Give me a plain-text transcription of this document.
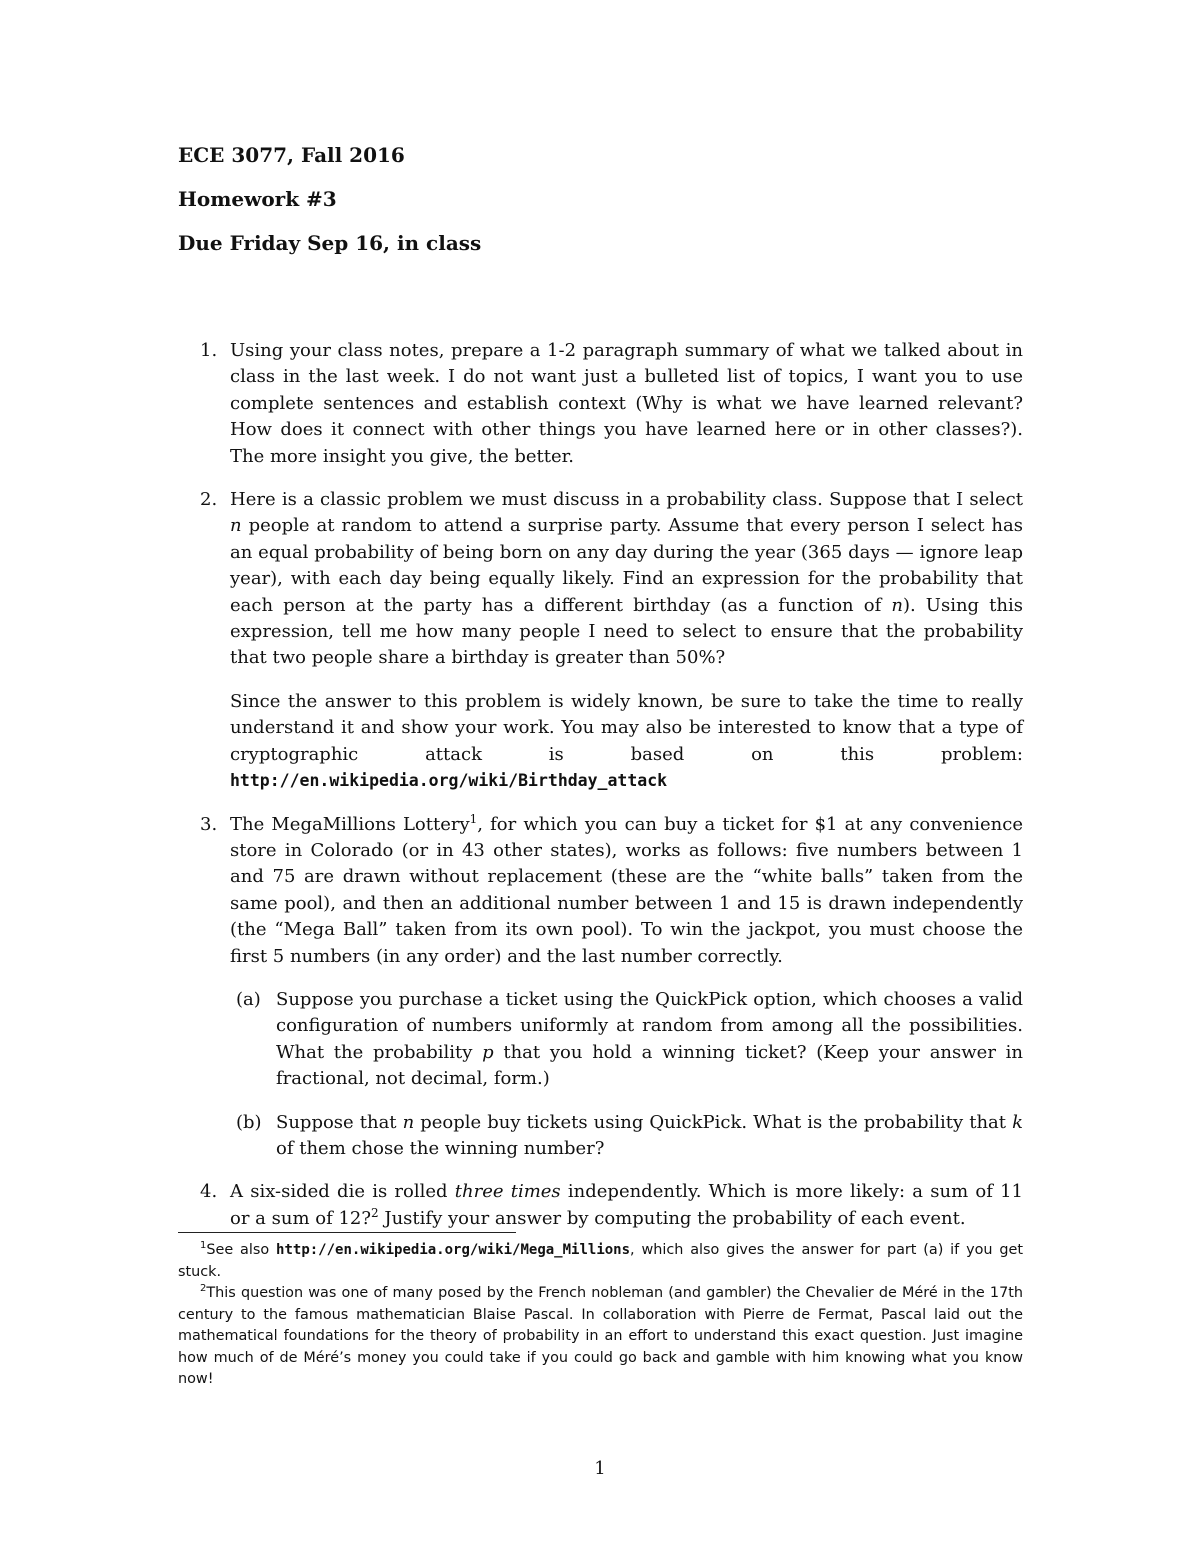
ECE 3077, Fall 2016
Homework #3
Due Friday Sep 16, in class
1. Using your class notes, prepare a 1-2 paragraph summary of what we talked about in class in the last week. I do not want just a bulleted list of topics, I want you to use complete sentences and establish context (Why is what we have learned relevant? How does it connect with other things you have learned here or in other classes?). The more insight you give, the better.

2. Here is a classic problem we must discuss in a probability class. Suppose that I select n people at random to attend a surprise party. Assume that every person I select has an equal probability of being born on any day during the year (365 days — ignore leap year), with each day being equally likely. Find an expression for the probability that each person at the party has a different birthday (as a function of n). Using this expression, tell me how many people I need to select to ensure that the probability that two people share a birthday is greater than 50%?

Since the answer to this problem is widely known, be sure to take the time to really understand it and show your work. You may also be interested to know that a type of cryptographic attack is based on this problem: http://en.wikipedia.org/wiki/Birthday_attack

3. The MegaMillions Lottery$^1$, for which you can buy a ticket for $1 at any convenience store in Colorado (or in 43 other states), works as follows: five numbers between 1 and 75 are drawn without replacement (these are the “white balls” taken from the same pool), and then an additional number between 1 and 15 is drawn independently (the “Mega Ball” taken from its own pool). To win the jackpot, you must choose the first 5 numbers (in any order) and the last number correctly.

(a) Suppose you purchase a ticket using the QuickPick option, which chooses a valid configuration of numbers uniformly at random from among all the possibilities. What the probability p that you hold a winning ticket? (Keep your answer in fractional, not decimal, form.)
(b) Suppose that n people buy tickets using QuickPick. What is the probability that k of them chose the winning number?
4. A six-sided die is rolled three times independently. Which is more likely: a sum of 11 or a sum of 12?$^2$ Justify your answer by computing the probability of each event.

$^1$See also http://en.wikipedia.org/wiki/Mega_Millions, which also gives the answer for part (a) if you get stuck.

$^2$This question was one of many posed by the French nobleman (and gambler) the Chevalier de Méré in the 17th century to the famous mathematician Blaise Pascal. In collaboration with Pierre de Fermat, Pascal laid out the mathematical foundations for the theory of probability in an effort to understand this exact question. Just imagine how much of de Méré’s money you could take if you could go back and gamble with him knowing what you know now!

1
